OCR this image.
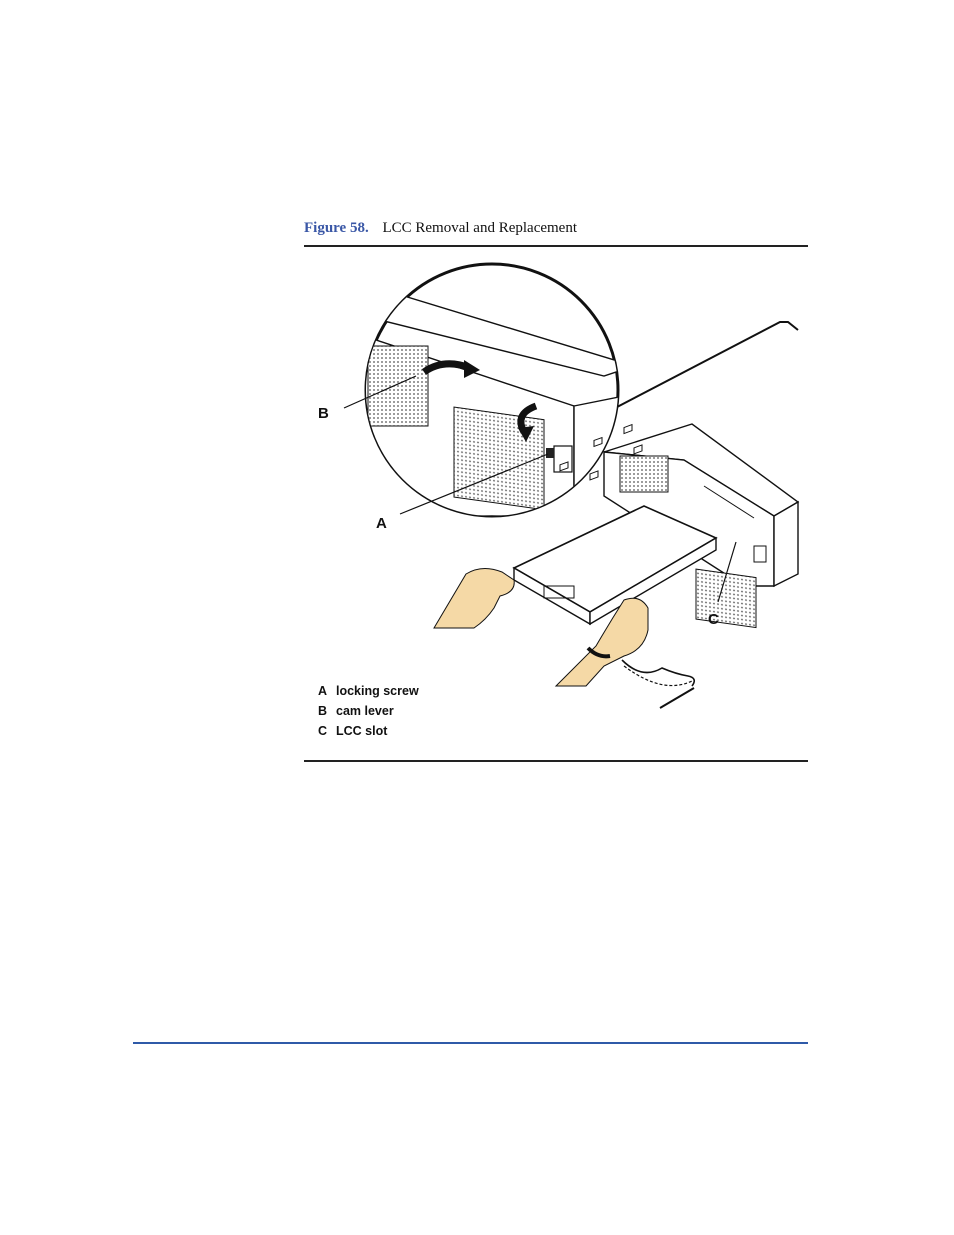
Figure 58. LCC Removal and Replacement
B
A
C
A locking screw
B cam lever
C LCC slot
